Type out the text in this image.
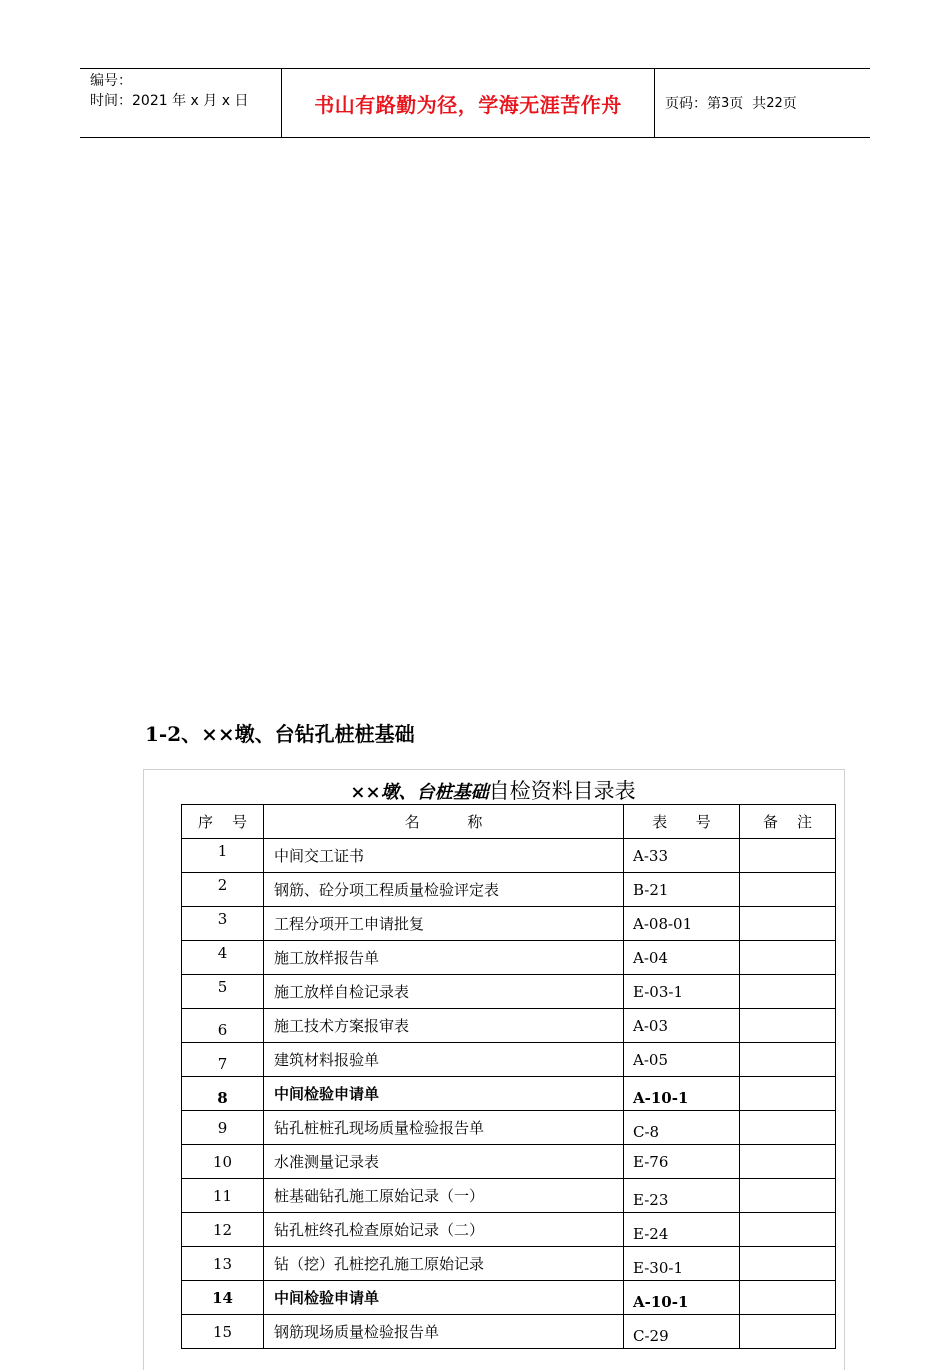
编号：
时间：2021 年 x 月 x 日	书山有路勤为径，学海无涯苦作舟	页码：第 3 页  共 22 页
1-2、××墩、台钻孔桩桩基础
××墩、台桩基础自检资料目录表
序    号	名          称	表      号	备    注
1	中间交工证书	A-33	
2	钢筋、砼分项工程质量检验评定表	B-21	
3	工程分项开工申请批复	A-08-01	
4	施工放样报告单	A-04	
5	施工放样自检记录表	E-03-1	
6	施工技术方案报审表	A-03	
7	建筑材料报验单	A-05	
8	中间检验申请单	A-10-1	
9	钻孔桩桩孔现场质量检验报告单	C-8	
10	水准测量记录表	E-76	
11	桩基础钻孔施工原始记录（一）	E-23	
12	钻孔桩终孔检查原始记录（二）	E-24	
13	钻（挖）孔桩挖孔施工原始记录	E-30-1	
14	中间检验申请单	A-10-1	
15	钢筋现场质量检验报告单	C-29	
